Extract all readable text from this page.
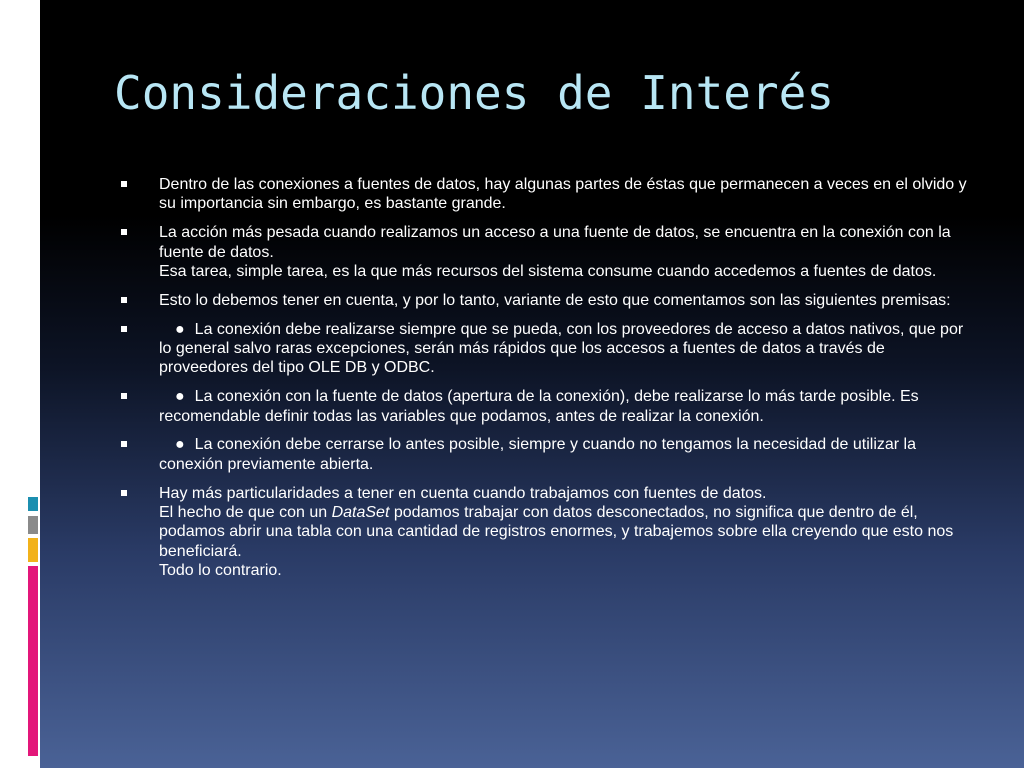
Consideraciones de Interés
Dentro de las conexiones a fuentes de datos, hay algunas partes de éstas que permanecen a veces en el olvido y su importancia sin embargo, es bastante grande.
La acción más pesada cuando realizamos un acceso a una fuente de datos, se encuentra en la conexión con la fuente de datos.
Esa tarea, simple tarea, es la que más recursos del sistema consume cuando accedemos a fuentes de datos.
Esto lo debemos tener en cuenta, y por lo tanto, variante de esto que comentamos son las siguientes premisas:
● La conexión debe realizarse siempre que se pueda, con los proveedores de acceso a datos nativos, que por lo general salvo raras excepciones, serán más rápidos que los accesos a fuentes de datos a través de proveedores del tipo OLE DB y ODBC.
● La conexión con la fuente de datos (apertura de la conexión), debe realizarse lo más tarde posible. Es recomendable definir todas las variables que podamos, antes de realizar la conexión.
● La conexión debe cerrarse lo antes posible, siempre y cuando no tengamos la necesidad de utilizar la conexión previamente abierta.
Hay más particularidades a tener en cuenta cuando trabajamos con fuentes de datos.
El hecho de que con un DataSet podamos trabajar con datos desconectados, no significa que dentro de él, podamos abrir una tabla con una cantidad de registros enormes, y trabajemos sobre ella creyendo que esto nos beneficiará.
Todo lo contrario.
